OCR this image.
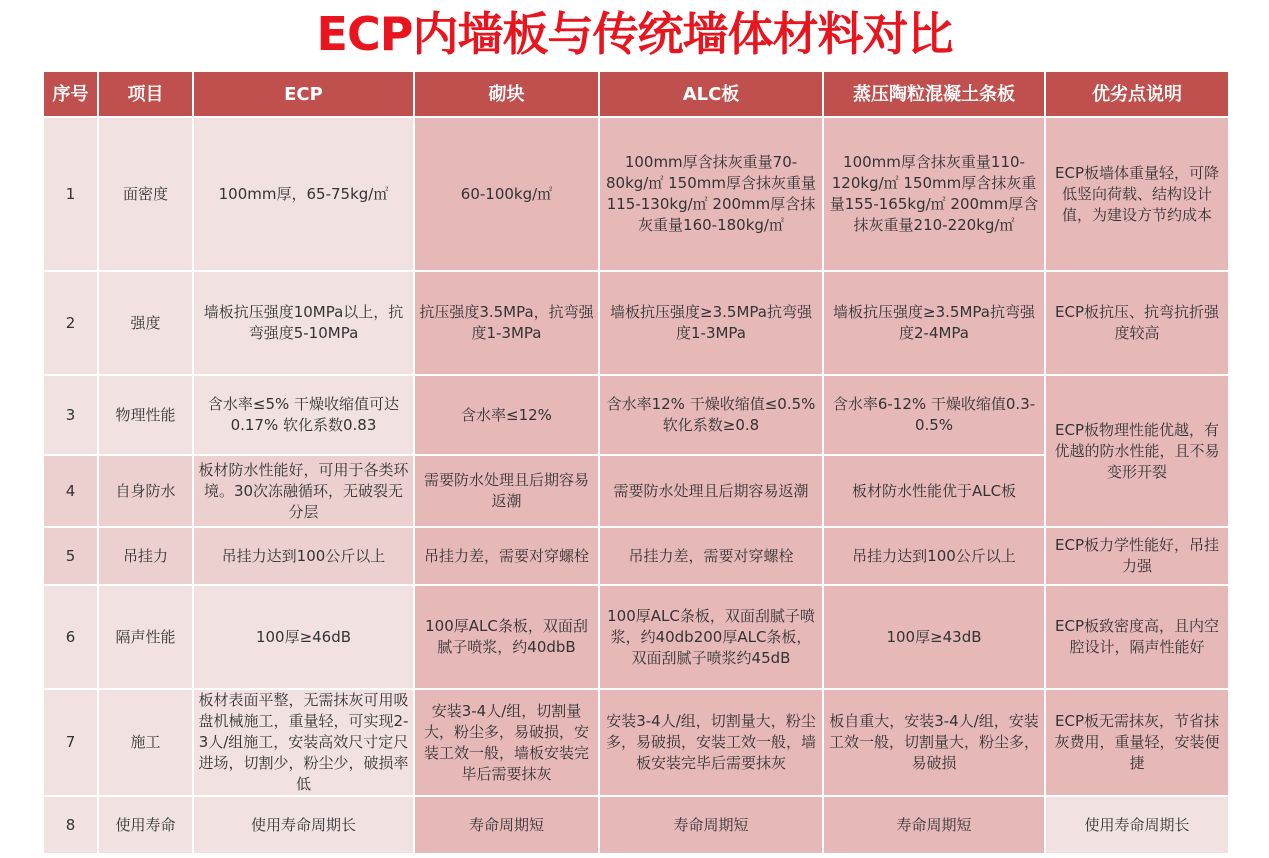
ECP内墙板与传统墙体材料对比
序号	项目	ECP	砌块	ALC板	蒸压陶粒混凝土条板	优劣点说明
1	面密度	100mm厚，65-75kg/㎡	60-100kg/㎡	100mm厚含抹灰重量70-80kg/㎡ 150mm厚含抹灰重量115-130kg/㎡ 200mm厚含抹灰重量160-180kg/㎡	100mm厚含抹灰重量110-120kg/㎡ 150mm厚含抹灰重量155-165kg/㎡ 200mm厚含抹灰重量210-220kg/㎡	ECP板墙体重量轻，可降低竖向荷载、结构设计值，为建设方节约成本
2	强度	墙板抗压强度10MPa以上，抗弯强度5-10MPa	抗压强度3.5MPa，抗弯强度1-3MPa	墙板抗压强度≥3.5MPa抗弯强度1-3MPa	墙板抗压强度≥3.5MPa抗弯强度2-4MPa	ECP板抗压、抗弯抗折强度较高
3	物理性能	含水率≤5% 干燥收缩值可达0.17% 软化系数0.83	含水率≤12%	含水率12% 干燥收缩值≤0.5% 软化系数≥0.8	含水率6-12% 干燥收缩值0.3-0.5%	ECP板物理性能优越，有优越的防水性能，且不易变形开裂
4	自身防水	板材防水性能好，可用于各类环境。30次冻融循环，无破裂无分层	需要防水处理且后期容易返潮	需要防水处理且后期容易返潮	板材防水性能优于ALC板	
5	吊挂力	吊挂力达到100公斤以上	吊挂力差，需要对穿螺栓	吊挂力差，需要对穿螺栓	吊挂力达到100公斤以上	ECP板力学性能好，吊挂力强
6	隔声性能	100厚≥46dB	100厚ALC条板，双面刮腻子喷浆，约40dbB	100厚ALC条板，双面刮腻子喷浆，约40db200厚ALC条板，双面刮腻子喷浆约45dB	100厚≥43dB	ECP板致密度高，且内空腔设计，隔声性能好
7	施工	板材表面平整，无需抹灰可用吸盘机械施工，重量轻，可实现2-3人/组施工，安装高效尺寸定尺进场，切割少，粉尘少，破损率低	安装3-4人/组，切割量大，粉尘多，易破损，安装工效一般，墙板安装完毕后需要抹灰	安装3-4人/组，切割量大，粉尘多，易破损，安装工效一般，墙板安装完毕后需要抹灰	板自重大，安装3-4人/组，安装工效一般，切割量大，粉尘多，易破损	ECP板无需抹灰，节省抹灰费用，重量轻，安装便捷
8	使用寿命	使用寿命周期长	寿命周期短	寿命周期短	寿命周期短	使用寿命周期长
